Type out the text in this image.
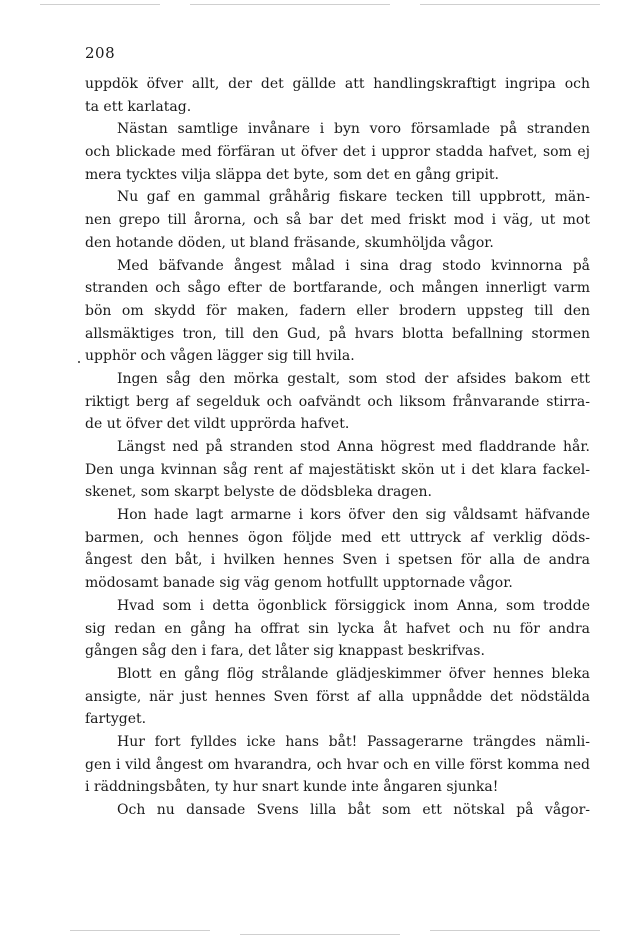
208
uppdök öfver allt, der det gällde att handlingskraftigt ingripa och
ta ett karlatag.
Nästan samtlige invånare i byn voro församlade på stranden
och blickade med förfäran ut öfver det i uppror stadda hafvet, som ej
mera tycktes vilja släppa det byte, som det en gång gripit.
Nu gaf en gammal gråhårig fiskare tecken till uppbrott, män-
nen grepo till årorna, och så bar det med friskt mod i väg, ut mot
den hotande döden, ut bland fräsande, skumhöljda vågor.
Med bäfvande ångest målad i sina drag stodo kvinnorna på
stranden och sågo efter de bortfarande, och mången innerligt varm
bön om skydd för maken, fadern eller brodern uppsteg till den
allsmäktiges tron, till den Gud, på hvars blotta befallning stormen
upphör och vågen lägger sig till hvila.
Ingen såg den mörka gestalt, som stod der afsides bakom ett
riktigt berg af segelduk och oafvändt och liksom frånvarande stirra-
de ut öfver det vildt upprörda hafvet.
Längst ned på stranden stod Anna högrest med fladdrande hår.
Den unga kvinnan såg rent af majestätiskt skön ut i det klara fackel-
skenet, som skarpt belyste de dödsbleka dragen.
Hon hade lagt armarne i kors öfver den sig våldsamt häfvande
barmen, och hennes ögon följde med ett uttryck af verklig döds-
ångest den båt, i hvilken hennes Sven i spetsen för alla de andra
mödosamt banade sig väg genom hotfullt upptornade vågor.
Hvad som i detta ögonblick försiggick inom Anna, som trodde
sig redan en gång ha offrat sin lycka åt hafvet och nu för andra
gången såg den i fara, det låter sig knappast beskrifvas.
Blott en gång flög strålande glädjeskimmer öfver hennes bleka
ansigte, när just hennes Sven först af alla uppnådde det nödstälda
fartyget.
Hur fort fylldes icke hans båt! Passagerarne trängdes nämli-
gen i vild ångest om hvarandra, och hvar och en ville först komma ned
i räddningsbåten, ty hur snart kunde inte ångaren sjunka!
Och nu dansade Svens lilla båt som ett nötskal på vågor-
